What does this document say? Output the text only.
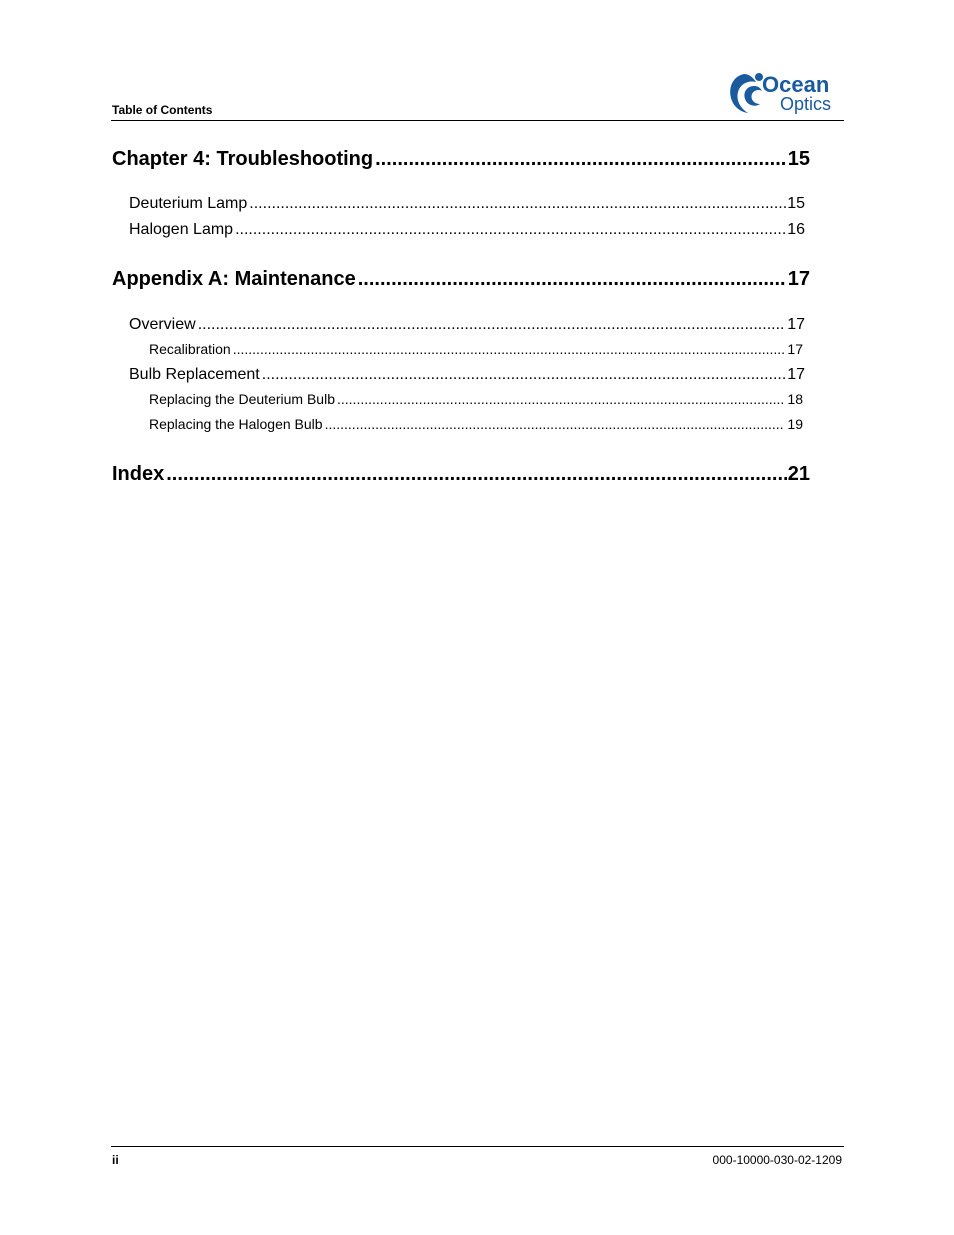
Table of Contents
Ocean
Optics
Chapter 4: Troubleshooting .....	15
Deuterium Lamp .....	15
Halogen Lamp .....	16
Appendix A: Maintenance .....	17
Overview .....	17
Recalibration .....	17
Bulb Replacement .....	17
Replacing the Deuterium Bulb .....	18
Replacing the Halogen Bulb .....	19
Index .....	21
ii	000-10000-030-02-1209
